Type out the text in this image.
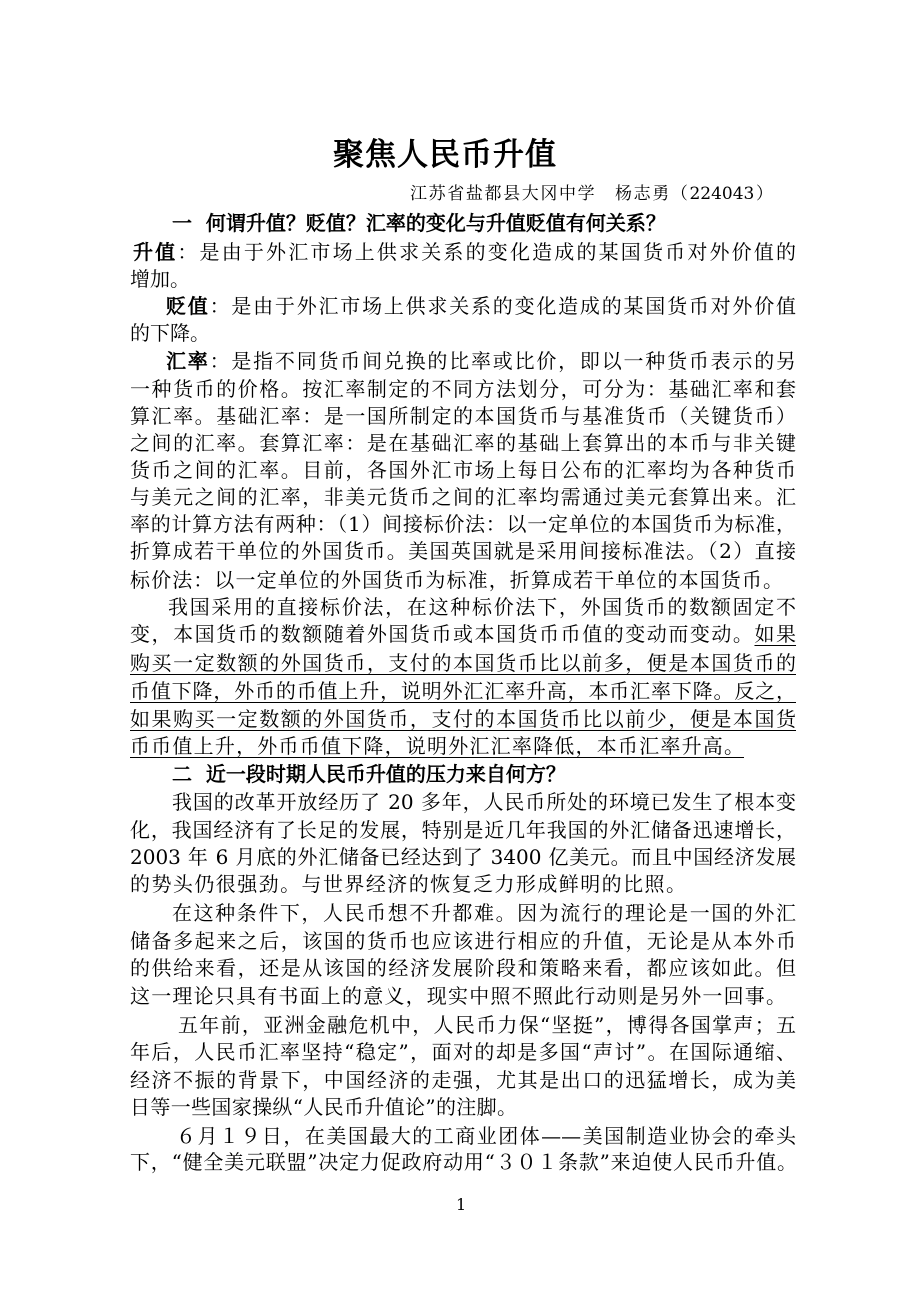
聚焦人民币升值
江苏省盐都县大冈中学　杨志勇（224043）
一  何谓升值？贬值？汇率的变化与升值贬值有何关系？
升值：是由于外汇市场上供求关系的变化造成的某国货币对外价值的
增加。
贬值：是由于外汇市场上供求关系的变化造成的某国货币对外价值
的下降。
汇率：是指不同货币间兑换的比率或比价，即以一种货币表示的另
一种货币的价格。按汇率制定的不同方法划分，可分为：基础汇率和套
算汇率。基础汇率：是一国所制定的本国货币与基准货币（关键货币）
之间的汇率。套算汇率：是在基础汇率的基础上套算出的本币与非关键
货币之间的汇率。目前，各国外汇市场上每日公布的汇率均为各种货币
与美元之间的汇率，非美元货币之间的汇率均需通过美元套算出来。汇
率的计算方法有两种：（1）间接标价法：以一定单位的本国货币为标准，
折算成若干单位的外国货币。美国英国就是采用间接标准法。（2）直接
标价法：以一定单位的外国货币为标准，折算成若干单位的本国货币。
我国采用的直接标价法，在这种标价法下，外国货币的数额固定不
变，本国货币的数额随着外国货币或本国货币币值的变动而变动。如果
购买一定数额的外国货币，支付的本国货币比以前多，便是本国货币的
币值下降，外币的币值上升，说明外汇汇率升高，本币汇率下降。反之，
如果购买一定数额的外国货币，支付的本国货币比以前少，便是本国货
币币值上升，外币币值下降，说明外汇汇率降低，本币汇率升高。
二  近一段时期人民币升值的压力来自何方？
我国的改革开放经历了 20 多年，人民币所处的环境已发生了根本变
化，我国经济有了长足的发展，特别是近几年我国的外汇储备迅速增长，
2003 年 6 月底的外汇储备已经达到了 3400 亿美元。而且中国经济发展
的势头仍很强劲。与世界经济的恢复乏力形成鲜明的比照。
在这种条件下，人民币想不升都难。因为流行的理论是一国的外汇
储备多起来之后，该国的货币也应该进行相应的升值，无论是从本外币
的供给来看，还是从该国的经济发展阶段和策略来看，都应该如此。但
这一理论只具有书面上的意义，现实中照不照此行动则是另外一回事。
五年前，亚洲金融危机中，人民币力保“坚挺”，博得各国掌声；五
年后，人民币汇率坚持“稳定”，面对的却是多国“声讨”。在国际通缩、
经济不振的背景下，中国经济的走强，尤其是出口的迅猛增长，成为美
日等一些国家操纵“人民币升值论”的注脚。
６月１９日，在美国最大的工商业团体——美国制造业协会的牵头
下，“健全美元联盟”决定力促政府动用“３０１条款”来迫使人民币升值。
1
